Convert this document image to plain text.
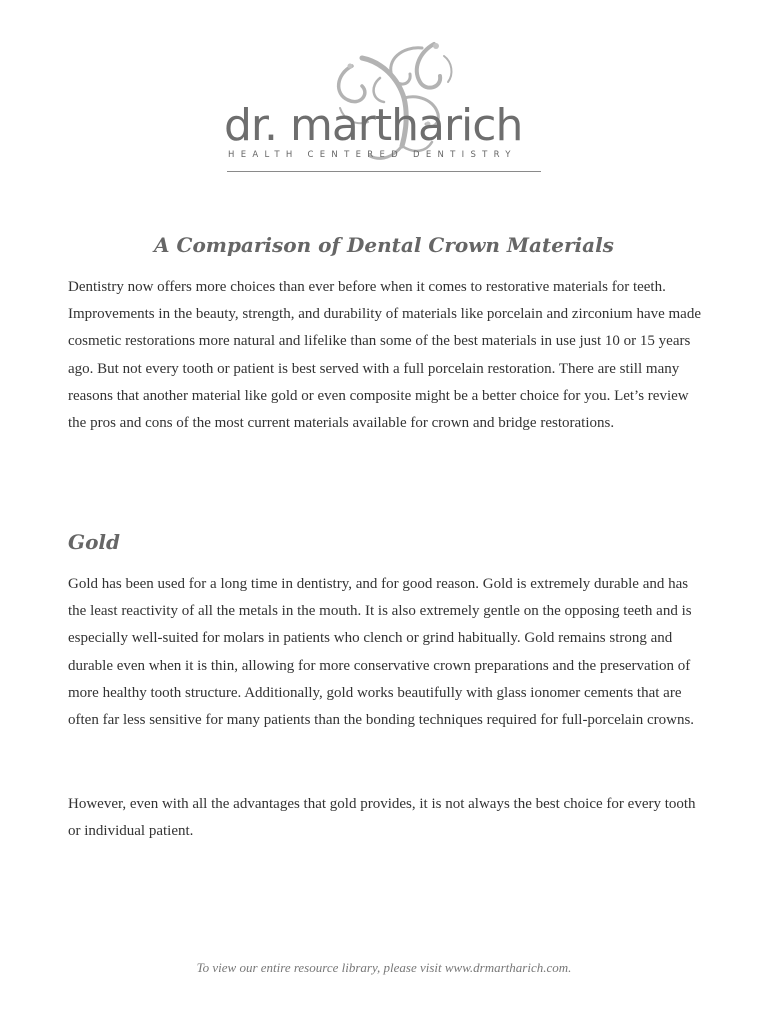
dr. martharich
HEALTH CENTERED DENTISTRY
A Comparison of Dental Crown Materials

Dentistry now offers more choices than ever before when it comes to restorative materials for teeth. Improvements in the beauty, strength, and durability of materials like porcelain and zirconium have made cosmetic restorations more natural and lifelike than some of the best materials in use just 10 or 15 years ago. But not every tooth or patient is best served with a full porcelain restoration. There are still many reasons that another material like gold or even composite might be a better choice for you. Let’s review the pros and cons of the most current materials available for crown and bridge restorations.

Gold

Gold has been used for a long time in dentistry, and for good reason. Gold is extremely durable and has the least reactivity of all the metals in the mouth. It is also extremely gentle on the opposing teeth and is especially well-suited for molars in patients who clench or grind habitually. Gold remains strong and durable even when it is thin, allowing for more conservative crown preparations and the preservation of more healthy tooth structure. Additionally, gold works beautifully with glass ionomer cements that are often far less sensitive for many patients than the bonding techniques required for full-porcelain crowns.

However, even with all the advantages that gold provides, it is not always the best choice for every tooth or individual patient.

To view our entire resource library, please visit www.drmartharich.com.
